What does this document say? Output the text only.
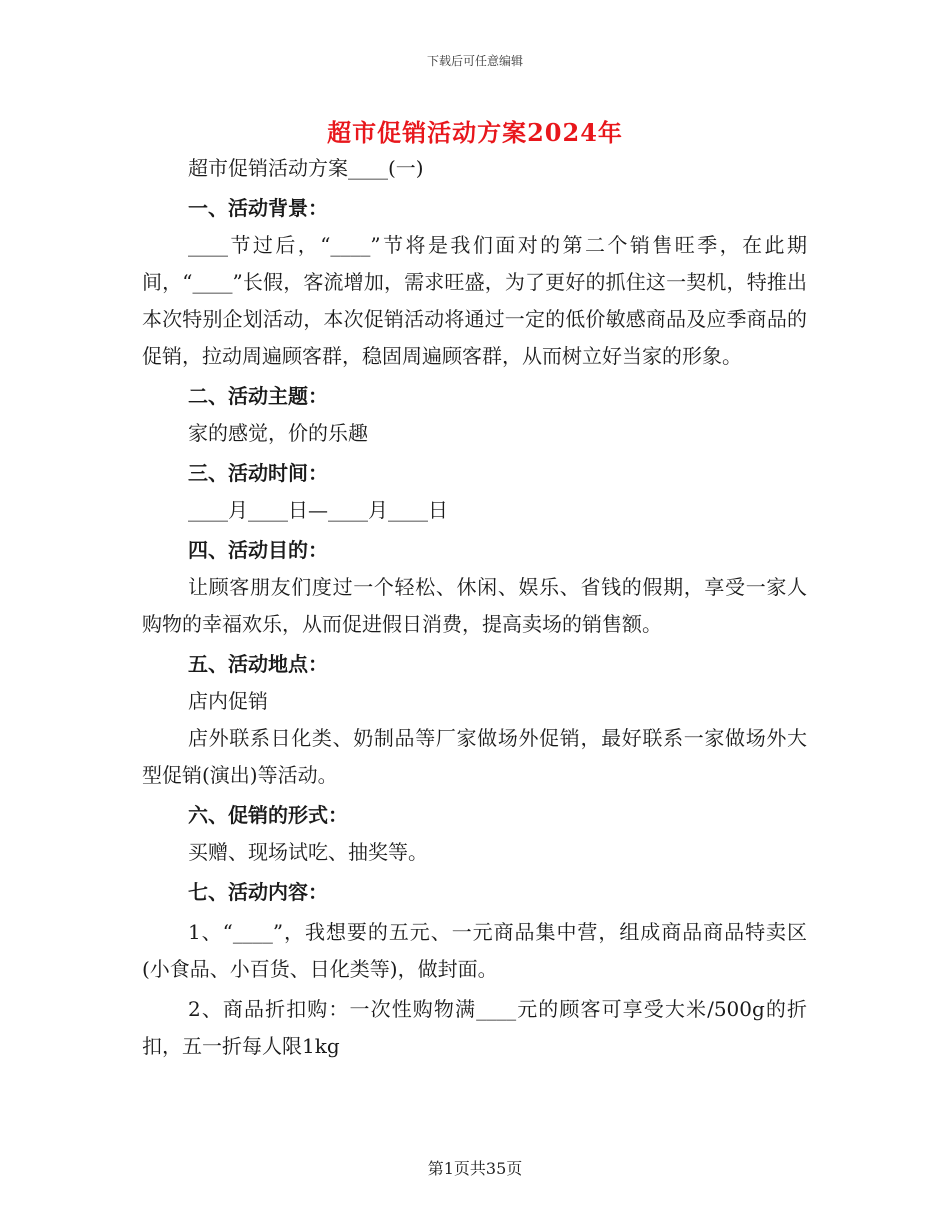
下载后可任意编辑
超市促销活动方案2024年

超市促销活动方案____(一)

一、活动背景：

____节过后，“____”节将是我们面对的第二个销售旺季，在此期间，“____”长假，客流增加，需求旺盛，为了更好的抓住这一契机，特推出本次特别企划活动，本次促销活动将通过一定的低价敏感商品及应季商品的促销，拉动周遍顾客群，稳固周遍顾客群，从而树立好当家的形象。

二、活动主题：

家的感觉，价的乐趣

三、活动时间：

____月____日—____月____日

四、活动目的：

让顾客朋友们度过一个轻松、休闲、娱乐、省钱的假期，享受一家人购物的幸福欢乐，从而促进假日消费，提高卖场的销售额。

五、活动地点：

店内促销

店外联系日化类、奶制品等厂家做场外促销，最好联系一家做场外大型促销(演出)等活动。

六、促销的形式：

买赠、现场试吃、抽奖等。

七、活动内容：

1、“____”，我想要的五元、一元商品集中营，组成商品商品特卖区(小食品、小百货、日化类等)，做封面。

2、商品折扣购：一次性购物满____元的顾客可享受大米/500g的折扣，五一折每人限1kg

第1页共35页
